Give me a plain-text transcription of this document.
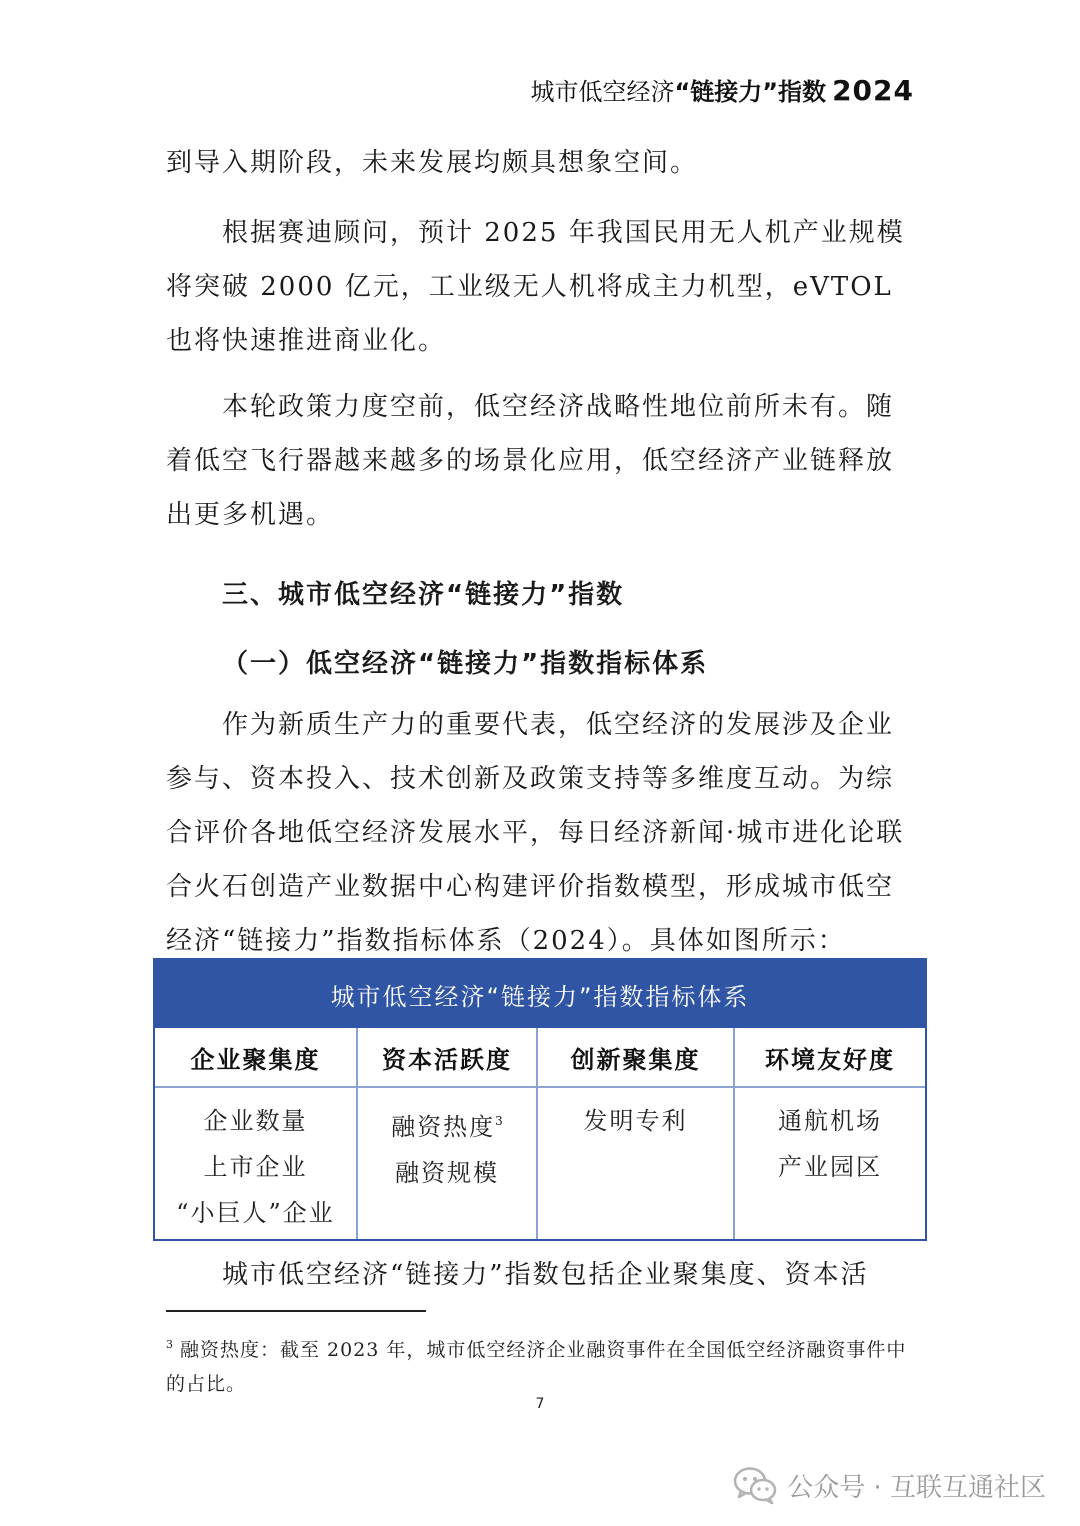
城市低空经济“链接力”指数 2024

到导入期阶段，未来发展均颇具想象空间。

根据赛迪顾问，预计 2025 年我国民用无人机产业规模将突破 2000 亿元，工业级无人机将成主力机型，eVTOL 也将快速推进商业化。

本轮政策力度空前，低空经济战略性地位前所未有。随着低空飞行器越来越多的场景化应用，低空经济产业链释放出更多机遇。

三、城市低空经济“链接力”指数
（一）低空经济“链接力”指数指标体系

作为新质生产力的重要代表，低空经济的发展涉及企业参与、资本投入、技术创新及政策支持等多维度互动。为综合评价各地低空经济发展水平，每日经济新闻·城市进化论联合火石创造产业数据中心构建评价指数模型，形成城市低空经济“链接力”指数指标体系（2024）。具体如图所示：

城市低空经济“链接力”指数指标体系
企业聚集度
企业数量
上市企业
“小巨人”企业
资本活跃度
融资热度$^3$
融资规模
创新聚集度
发明专利
环境友好度
通航机场
产业园区

城市低空经济“链接力”指数包括企业聚集度、资本活

$^3$ 融资热度：截至 2023 年，城市低空经济企业融资事件在全国低空经济融资事件中的占比。

7
公众号 · 互联互通社区
